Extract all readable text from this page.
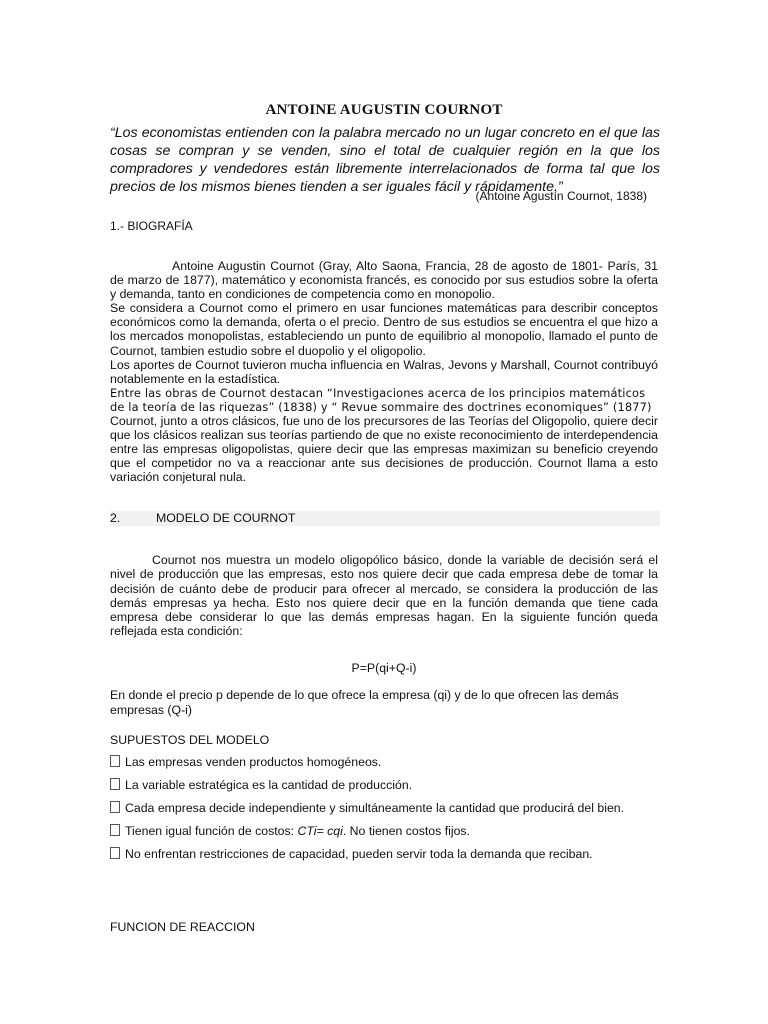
ANTOINE AUGUSTIN COURNOT

“Los economistas entienden con la palabra mercado no un lugar concreto en el que las cosas se compran y se venden, sino el total de cualquier región en la que los compradores y vendedores están libremente interrelacionados de forma tal que los precios de los mismos bienes tienden a ser iguales fácil y rápidamente.”

(Antoine Agustín Cournot, 1838)
1.- BIOGRAFÍA

Antoine Augustin Cournot (Gray, Alto Saona, Francia, 28 de agosto de 1801- París, 31 de marzo de 1877), matemático y economista francés, es conocido por sus estudios sobre la oferta y demanda, tanto en condiciones de competencia como en monopolio.

Se considera a Cournot como el primero en usar funciones matemáticas para describir conceptos económicos como la demanda, oferta o el precio. Dentro de sus estudios se encuentra el que hizo a los mercados monopolistas, estableciendo un punto de equilibrio al monopolio, llamado el punto de Cournot, tambien estudio sobre el duopolio y el oligopolio.

Los aportes de Cournot tuvieron mucha influencia en Walras, Jevons y Marshall, Cournot contribuyó notablemente en la estadística.

Entre las obras de Cournot destacan “Investigaciones acerca de los principios matemáticos de la teoría de las riquezas” (1838) y “ Revue sommaire des doctrines economiques” (1877)

Cournot, junto a otros clásicos, fue uno de los precursores de las Teorías del Oligopolio, quiere decir que los clásicos realizan sus teorías partiendo de que no existe reconocimiento de interdependencia entre las empresas oligopolistas, quiere decir que las empresas maximizan su beneficio creyendo que el competidor no va a reaccionar ante sus decisiones de producción. Cournot llama a esto variación conjetural nula.

2.	MODELO DE COURNOT

Cournot nos muestra un modelo oligopólico básico, donde la variable de decisión será el nivel de producción que las empresas, esto nos quiere decir que cada empresa debe de tomar la decisión de cuánto debe de producir para ofrecer al mercado, se considera la producción de las demás empresas ya hecha. Esto nos quiere decir que en la función demanda que tiene cada empresa debe considerar lo que las demás empresas hagan. En la siguiente función queda reflejada esta condición:

P=P(qi+Q-i)

En donde el precio p depende de lo que ofrece la empresa (qi) y de lo que ofrecen las demás empresas (Q-i)

SUPUESTOS DEL MODELO
Las empresas venden productos homogéneos.
La variable estratégica es la cantidad de producción.
Cada empresa decide independiente y simultáneamente la cantidad que producirá del bien.
Tienen igual función de costos: CTi= cqi. No tienen costos fijos.
No enfrentan restricciones de capacidad, pueden servir toda la demanda que reciban.
FUNCION DE REACCION
